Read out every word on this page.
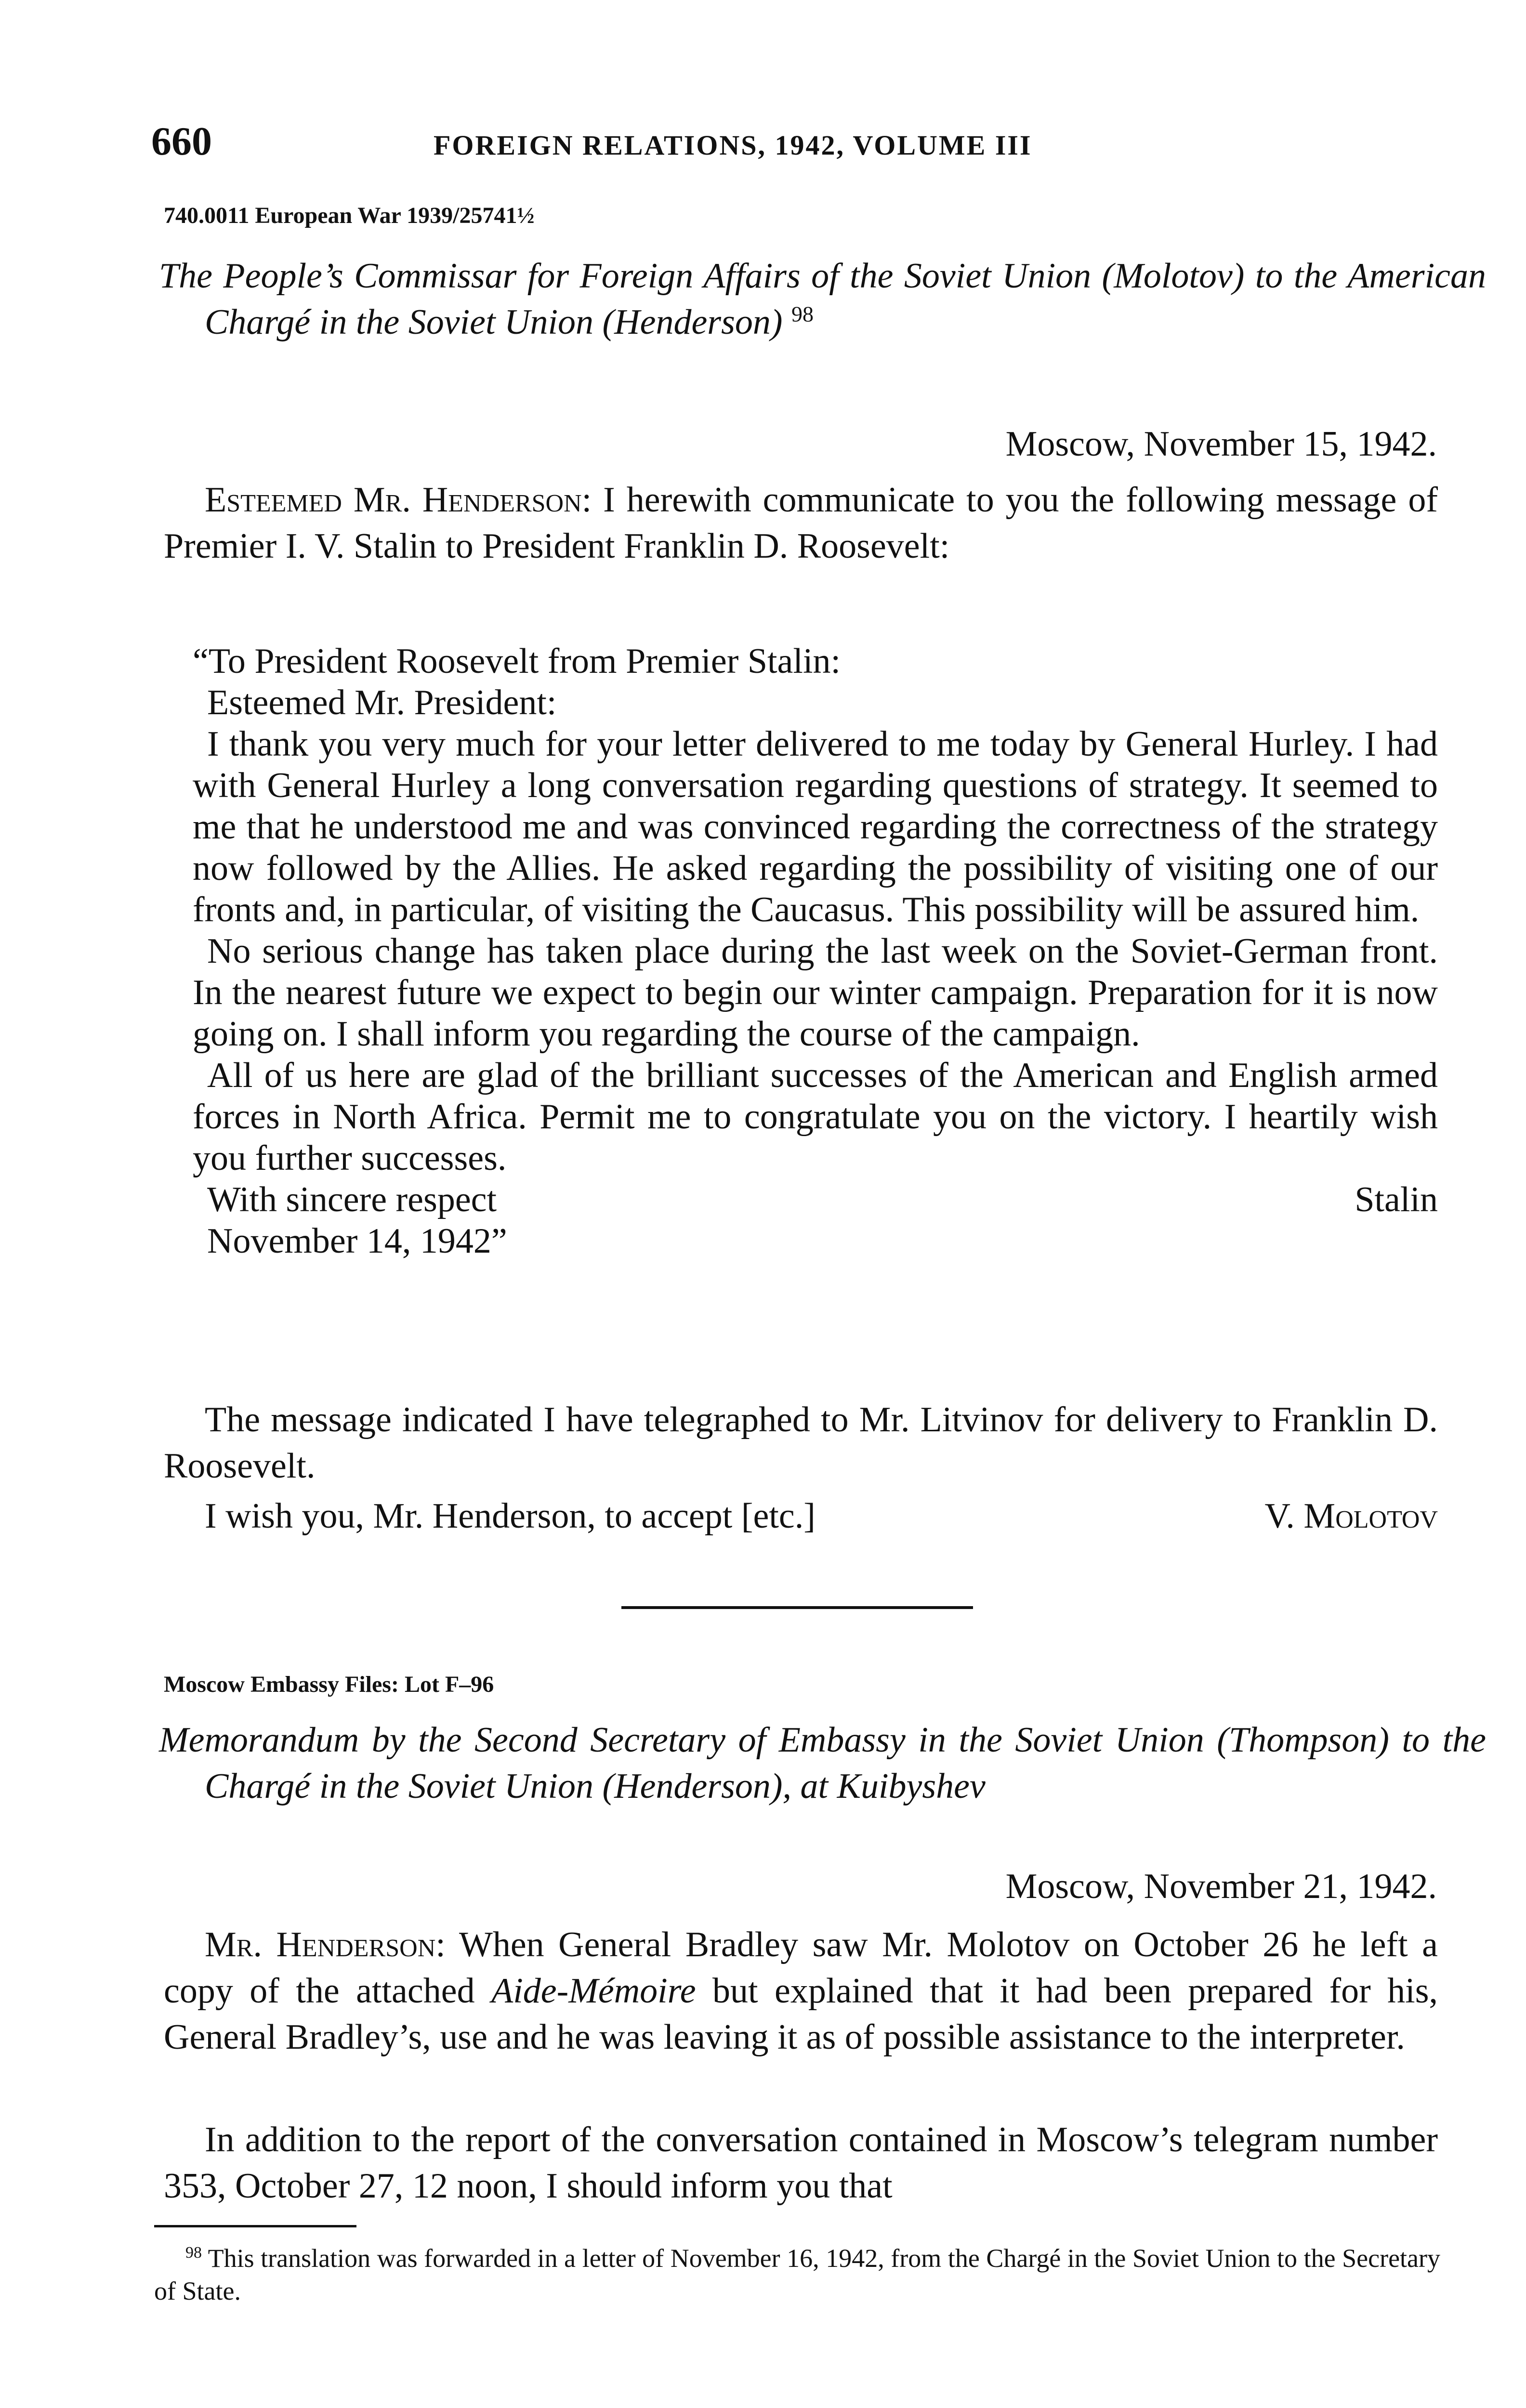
660	FOREIGN RELATIONS, 1942, VOLUME III
740.0011 European War 1939/25741½
The People’s Commissar for Foreign Affairs of the Soviet Union (Molotov) to the American Chargé in the Soviet Union (Henderson) $^{98}$
Moscow, November 15, 1942.
Esteemed Mr. Henderson: I herewith communicate to you the following message of Premier I. V. Stalin to President Franklin D. Roosevelt:
“To President Roosevelt from Premier Stalin:
Esteemed Mr. President:
I thank you very much for your letter delivered to me today by General Hurley. I had with General Hurley a long conversation regarding questions of strategy. It seemed to me that he understood me and was convinced regarding the correctness of the strategy now followed by the Allies. He asked regarding the possibility of visiting one of our fronts and, in particular, of visiting the Caucasus. This possibility will be assured him.
No serious change has taken place during the last week on the Soviet-German front. In the nearest future we expect to begin our winter campaign. Preparation for it is now going on. I shall inform you regarding the course of the campaign.
All of us here are glad of the brilliant successes of the American and English armed forces in North Africa. Permit me to congratulate you on the victory. I heartily wish you further successes.
With sincere respect	Stalin
November 14, 1942”
The message indicated I have telegraphed to Mr. Litvinov for delivery to Franklin D. Roosevelt.
I wish you, Mr. Henderson, to accept [etc.]	V. Molotov
Moscow Embassy Files: Lot F–96
Memorandum by the Second Secretary of Embassy in the Soviet Union (Thompson) to the Chargé in the Soviet Union (Henderson), at Kuibyshev
Moscow, November 21, 1942.
Mr. Henderson: When General Bradley saw Mr. Molotov on October 26 he left a copy of the attached Aide-Mémoire but explained that it had been prepared for his, General Bradley’s, use and he was leaving it as of possible assistance to the interpreter.
In addition to the report of the conversation contained in Moscow’s telegram number 353, October 27, 12 noon, I should inform you that
$^{98}$ This translation was forwarded in a letter of November 16, 1942, from the Chargé in the Soviet Union to the Secretary of State.
